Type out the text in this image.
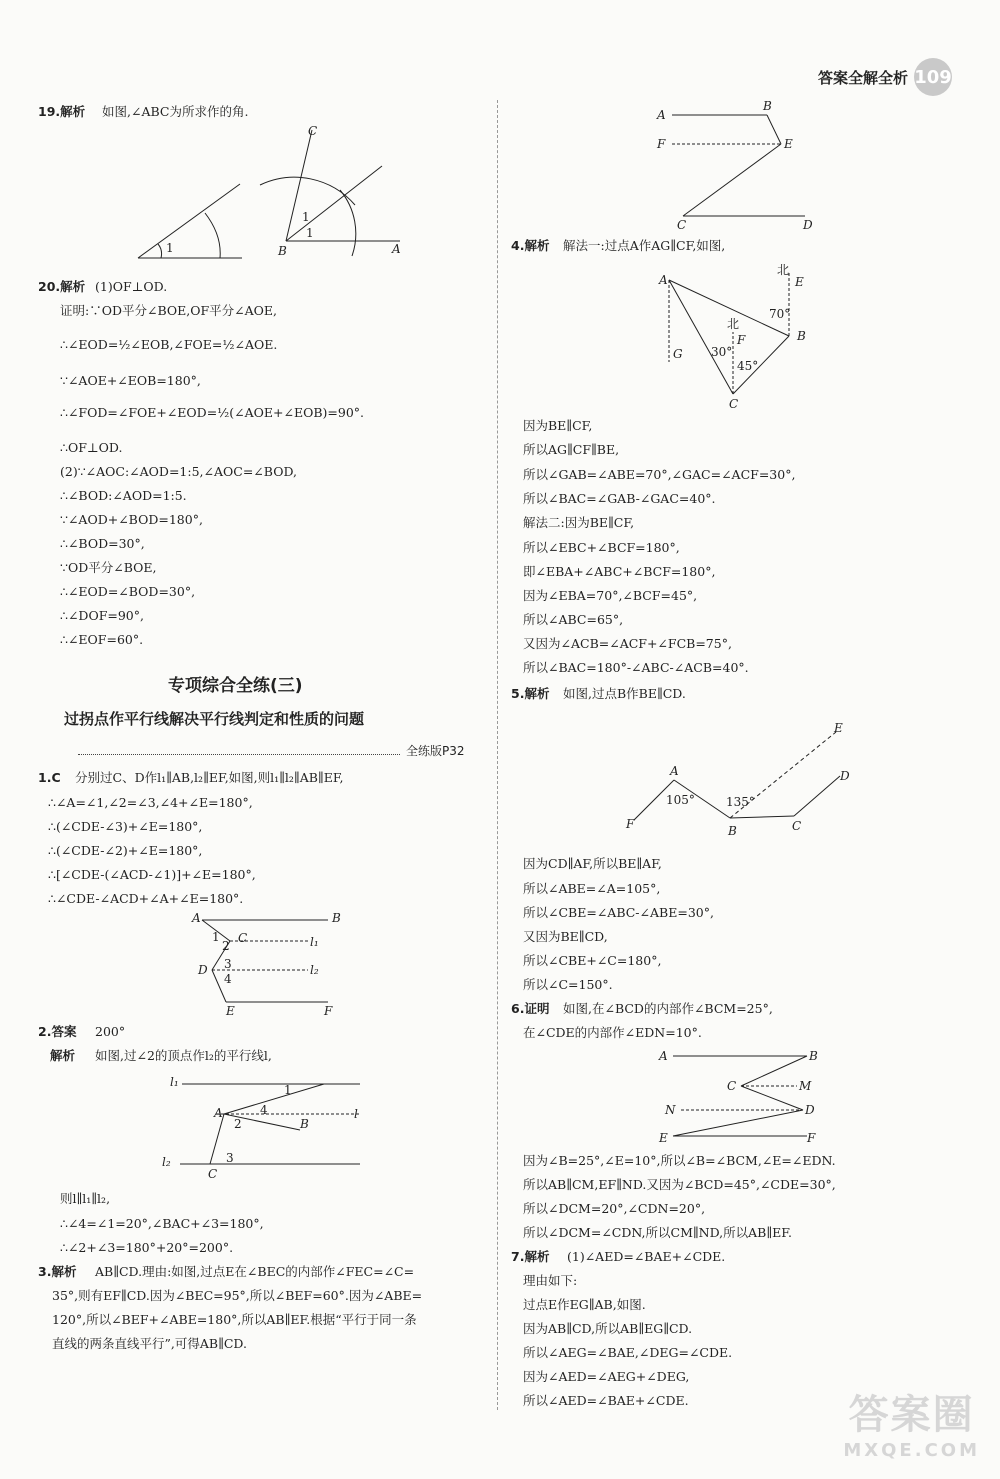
答案全解全析 109
19.解析 如图,∠ABC为所求作的角.
C
1
1
1
B	A
20.解析 (1)OF⊥OD.
证明:∵OD平分∠BOE,OF平分∠AOE,
∴∠EOD=½∠EOB,∠FOE=½∠AOE.
∵∠AOE+∠EOB=180°,
∴∠FOD=∠FOE+∠EOD=½(∠AOE+∠EOB)=90°.
∴OF⊥OD.
(2)∵∠AOC:∠AOD=1:5,∠AOC=∠BOD,
∴∠BOD:∠AOD=1:5.
∵∠AOD+∠BOD=180°,
∴∠BOD=30°,
∵OD平分∠BOE,
∴∠EOD=∠BOD=30°,
∴∠DOF=90°,
∴∠EOF=60°.
专项综合全练(三)
过拐点作平行线解决平行线判定和性质的问题
全练版P32
1.C 分别过C、D作l₁∥AB,l₂∥EF,如图,则l₁∥l₂∥AB∥EF,
∴∠A=∠1,∠2=∠3,∠4+∠E=180°,
∴(∠CDE-∠3)+∠E=180°,
∴(∠CDE-∠2)+∠E=180°,
∴[∠CDE-(∠ACD-∠1)]+∠E=180°,
∴∠CDE-∠ACD+∠A+∠E=180°.
A	B
1
2
C	l₁
D 3
4
l₂
E	F
2.答案 200°
解析 如图,过∠2的顶点作l₂的平行线l,
l₁
1
A	4	l
2	B
l₂	3
C
则l∥l₁∥l₂,
∴∠4=∠1=20°,∠BAC+∠3=180°,
∴∠2+∠3=180°+20°=200°.
3.解析 AB∥CD.理由:如图,过点E在∠BEC的内部作∠FEC=∠C=
35°,则有EF∥CD.因为∠BEC=95°,所以∠BEF=60°.因为∠ABE=
120°,所以∠BEF+∠ABE=180°,所以AB∥EF.根据“平行于同一条
直线的两条直线平行”,可得AB∥CD.
A
B
F	E
C	D
4.解析 解法一:过点A作AG∥CF,如图,
A
北
E
70°
B
北
F
30°
45°
G
C
因为BE∥CF,
所以AG∥CF∥BE,
所以∠GAB=∠ABE=70°,∠GAC=∠ACF=30°,
所以∠BAC=∠GAB-∠GAC=40°.
解法二:因为BE∥CF,
所以∠EBC+∠BCF=180°,
即∠EBA+∠ABC+∠BCF=180°,
因为∠EBA=70°,∠BCF=45°,
所以∠ABC=65°,
又因为∠ACB=∠ACF+∠FCB=75°,
所以∠BAC=180°-∠ABC-∠ACB=40°.
5.解析 如图,过点B作BE∥CD.
E
D
A
105°	135°
F	B	C
因为CD∥AF,所以BE∥AF,
所以∠ABE=∠A=105°,
所以∠CBE=∠ABC-∠ABE=30°,
又因为BE∥CD,
所以∠CBE+∠C=180°,
所以∠C=150°.
6.证明 如图,在∠BCD的内部作∠BCM=25°,
在∠CDE的内部作∠EDN=10°.
A	B
C	M
N	D
E	F
因为∠B=25°,∠E=10°,所以∠B=∠BCM,∠E=∠EDN.
所以AB∥CM,EF∥ND.又因为∠BCD=45°,∠CDE=30°,
所以∠DCM=20°,∠CDN=20°,
所以∠DCM=∠CDN,所以CM∥ND,所以AB∥EF.
7.解析 (1)∠AED=∠BAE+∠CDE.
理由如下:
过点E作EG∥AB,如图.
因为AB∥CD,所以AB∥EG∥CD.
所以∠AEG=∠BAE,∠DEG=∠CDE.
因为∠AED=∠AEG+∠DEG,
所以∠AED=∠BAE+∠CDE.	答案圈
MXQE.COM
